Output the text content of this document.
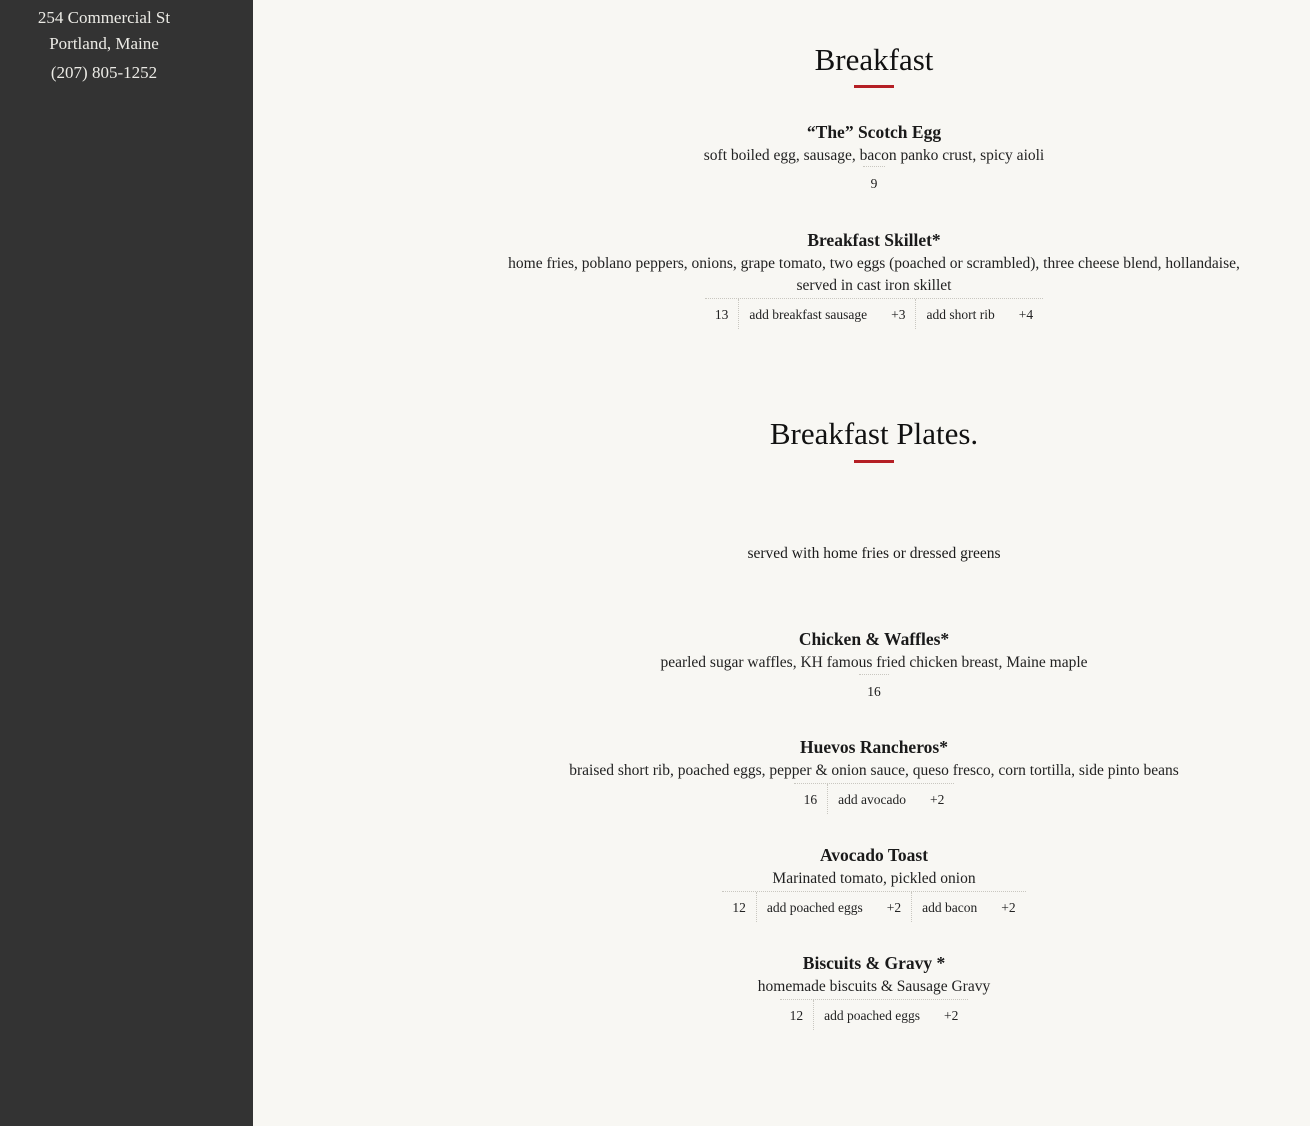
254 Commercial St
Portland, Maine
(207) 805-1252	Breakfast
“The” Scotch Egg
soft boiled egg, sausage, bacon panko crust, spicy aioli
9
Breakfast Skillet*
home fries, poblano peppers, onions, grape tomato, two eggs (poached or scrambled), three cheese blend, hollandaise,
served in cast iron skillet
13	add breakfast sausage +3	add short rib +4
Breakfast Plates.
served with home fries or dressed greens
Chicken & Waffles*
pearled sugar waffles, KH famous fried chicken breast, Maine maple
16
Huevos Rancheros*
braised short rib, poached eggs, pepper & onion sauce, queso fresco, corn tortilla, side pinto beans
16	add avocado +2
Avocado Toast
Marinated tomato, pickled onion
12	add poached eggs +2	add bacon +2
Biscuits & Gravy *
homemade biscuits & Sausage Gravy
12	add poached eggs +2
